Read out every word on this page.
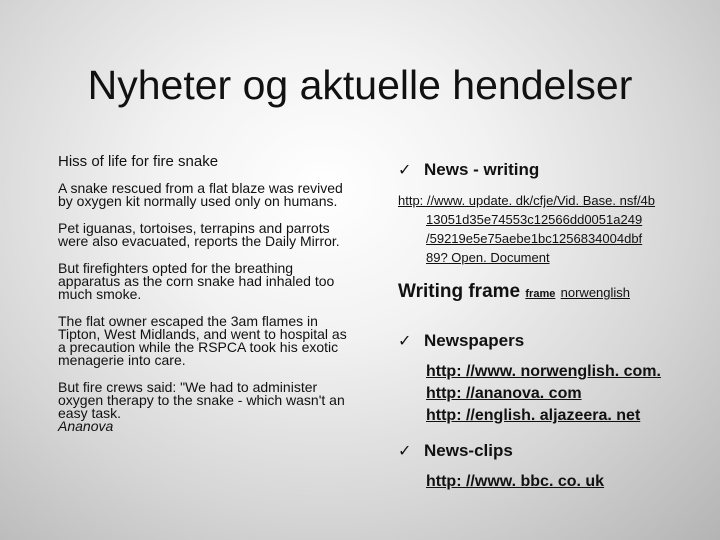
Nyheter og aktuelle hendelser
Hiss of life for fire snake

A snake rescued from a flat blaze was revived by oxygen kit normally used only on humans.

Pet iguanas, tortoises, terrapins and parrots were also evacuated, reports the Daily Mirror.

But firefighters opted for the breathing apparatus as the corn snake had inhaled too much smoke.

The flat owner escaped the 3am flames in Tipton, West Midlands, and went to hospital as a precaution while the RSPCA took his exotic menagerie into care.

But fire crews said: "We had to administer oxygen therapy to the snake - which wasn't an easy task.

Ananova
✓ News - writing
http: //www. update. dk/cfje/Vid. Base. nsf/4b

13051d35e74553c12566dd0051a249
/59219e5e75aebe1bc1256834004dbf
89? Open. Document
Writing frame frame norwenglish
✓ Newspapers
http: //www. norwenglish. com.
http: //ananova. com
http: //english. aljazeera. net
✓ News-clips
http: //www. bbc. co. uk
